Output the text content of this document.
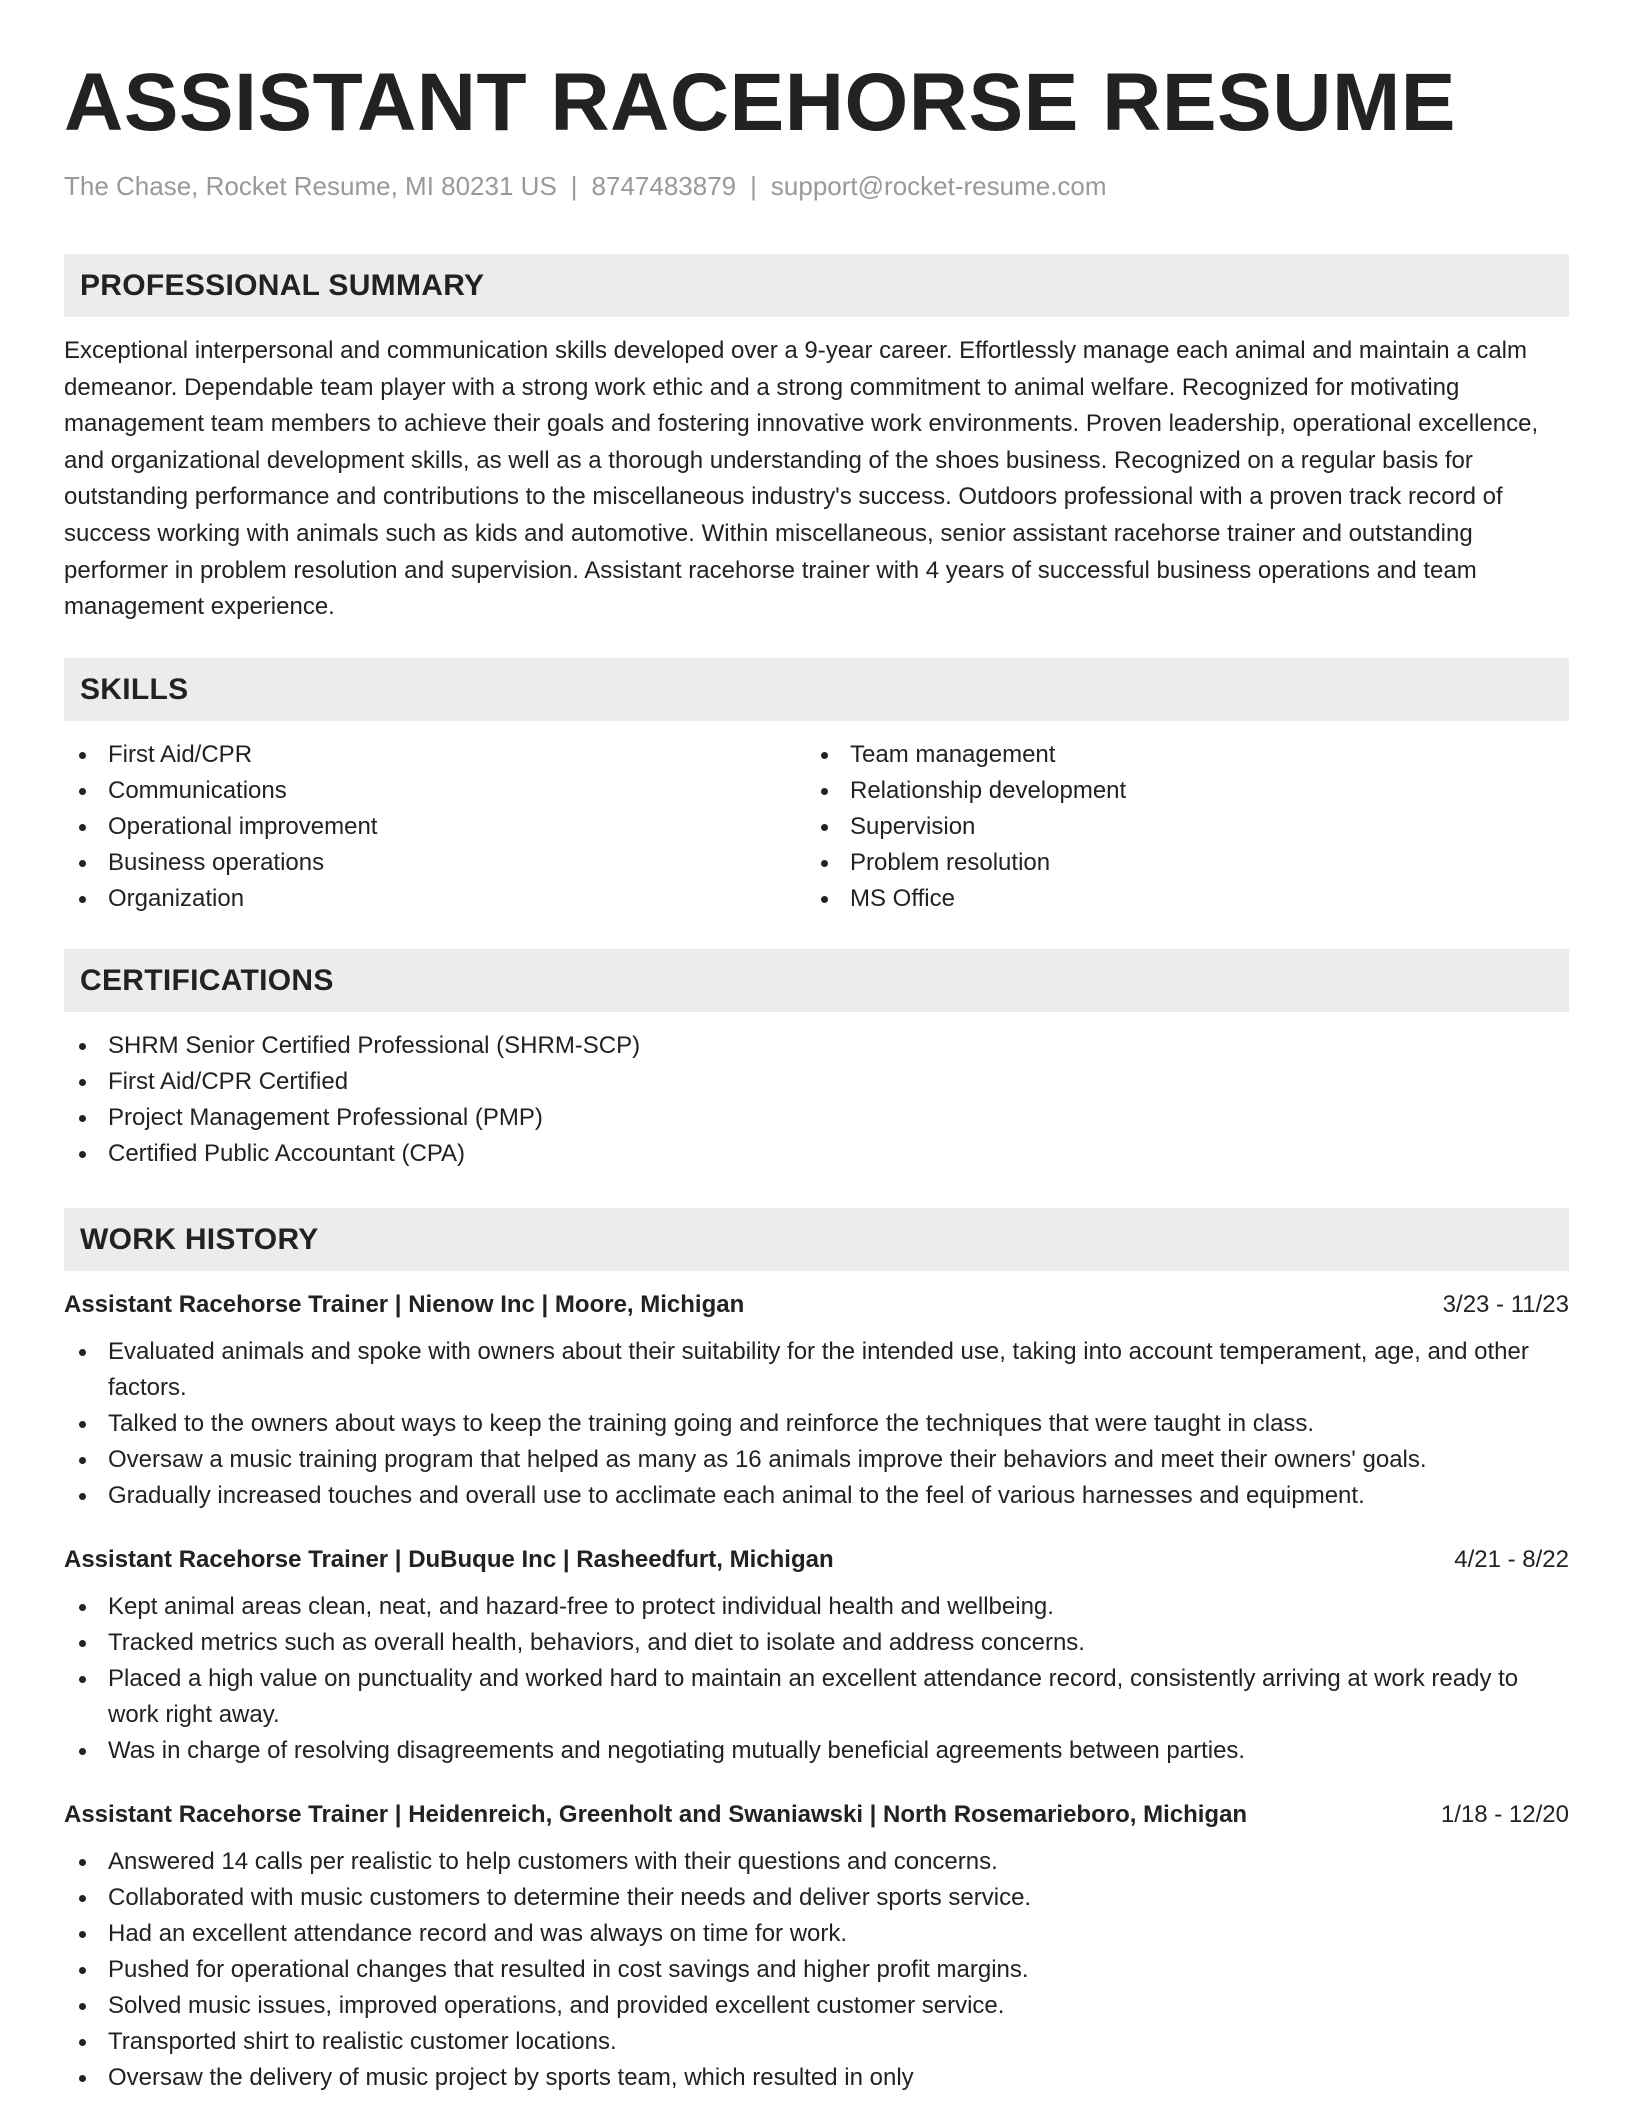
ASSISTANT RACEHORSE RESUME
The Chase, Rocket Resume, MI 80231 US | 8747483879 | support@rocket-resume.com
PROFESSIONAL SUMMARY

Exceptional interpersonal and communication skills developed over a 9-year career. Effortlessly manage each animal and maintain a calm demeanor. Dependable team player with a strong work ethic and a strong commitment to animal welfare. Recognized for motivating management team members to achieve their goals and fostering innovative work environments. Proven leadership, operational excellence, and organizational development skills, as well as a thorough understanding of the shoes business. Recognized on a regular basis for outstanding performance and contributions to the miscellaneous industry's success. Outdoors professional with a proven track record of success working with animals such as kids and automotive. Within miscellaneous, senior assistant racehorse trainer and outstanding performer in problem resolution and supervision. Assistant racehorse trainer with 4 years of successful business operations and team management experience.

SKILLS
First Aid/CPR
Communications
Operational improvement
Business operations
Organization
Team management
Relationship development
Supervision
Problem resolution
MS Office
CERTIFICATIONS
SHRM Senior Certified Professional (SHRM-SCP)
First Aid/CPR Certified
Project Management Professional (PMP)
Certified Public Accountant (CPA)
WORK HISTORY
Assistant Racehorse Trainer | Nienow Inc | Moore, Michigan	3/23 - 11/23
Evaluated animals and spoke with owners about their suitability for the intended use, taking into account temperament, age, and other factors.
Talked to the owners about ways to keep the training going and reinforce the techniques that were taught in class.
Oversaw a music training program that helped as many as 16 animals improve their behaviors and meet their owners' goals.
Gradually increased touches and overall use to acclimate each animal to the feel of various harnesses and equipment.
Assistant Racehorse Trainer | DuBuque Inc | Rasheedfurt, Michigan	4/21 - 8/22
Kept animal areas clean, neat, and hazard-free to protect individual health and wellbeing.
Tracked metrics such as overall health, behaviors, and diet to isolate and address concerns.
Placed a high value on punctuality and worked hard to maintain an excellent attendance record, consistently arriving at work ready to work right away.
Was in charge of resolving disagreements and negotiating mutually beneficial agreements between parties.
Assistant Racehorse Trainer | Heidenreich, Greenholt and Swaniawski | North Rosemarieboro, Michigan	1/18 - 12/20
Answered 14 calls per realistic to help customers with their questions and concerns.
Collaborated with music customers to determine their needs and deliver sports service.
Had an excellent attendance record and was always on time for work.
Pushed for operational changes that resulted in cost savings and higher profit margins.
Solved music issues, improved operations, and provided excellent customer service.
Transported shirt to realistic customer locations.
Oversaw the delivery of music project by sports team, which resulted in only
